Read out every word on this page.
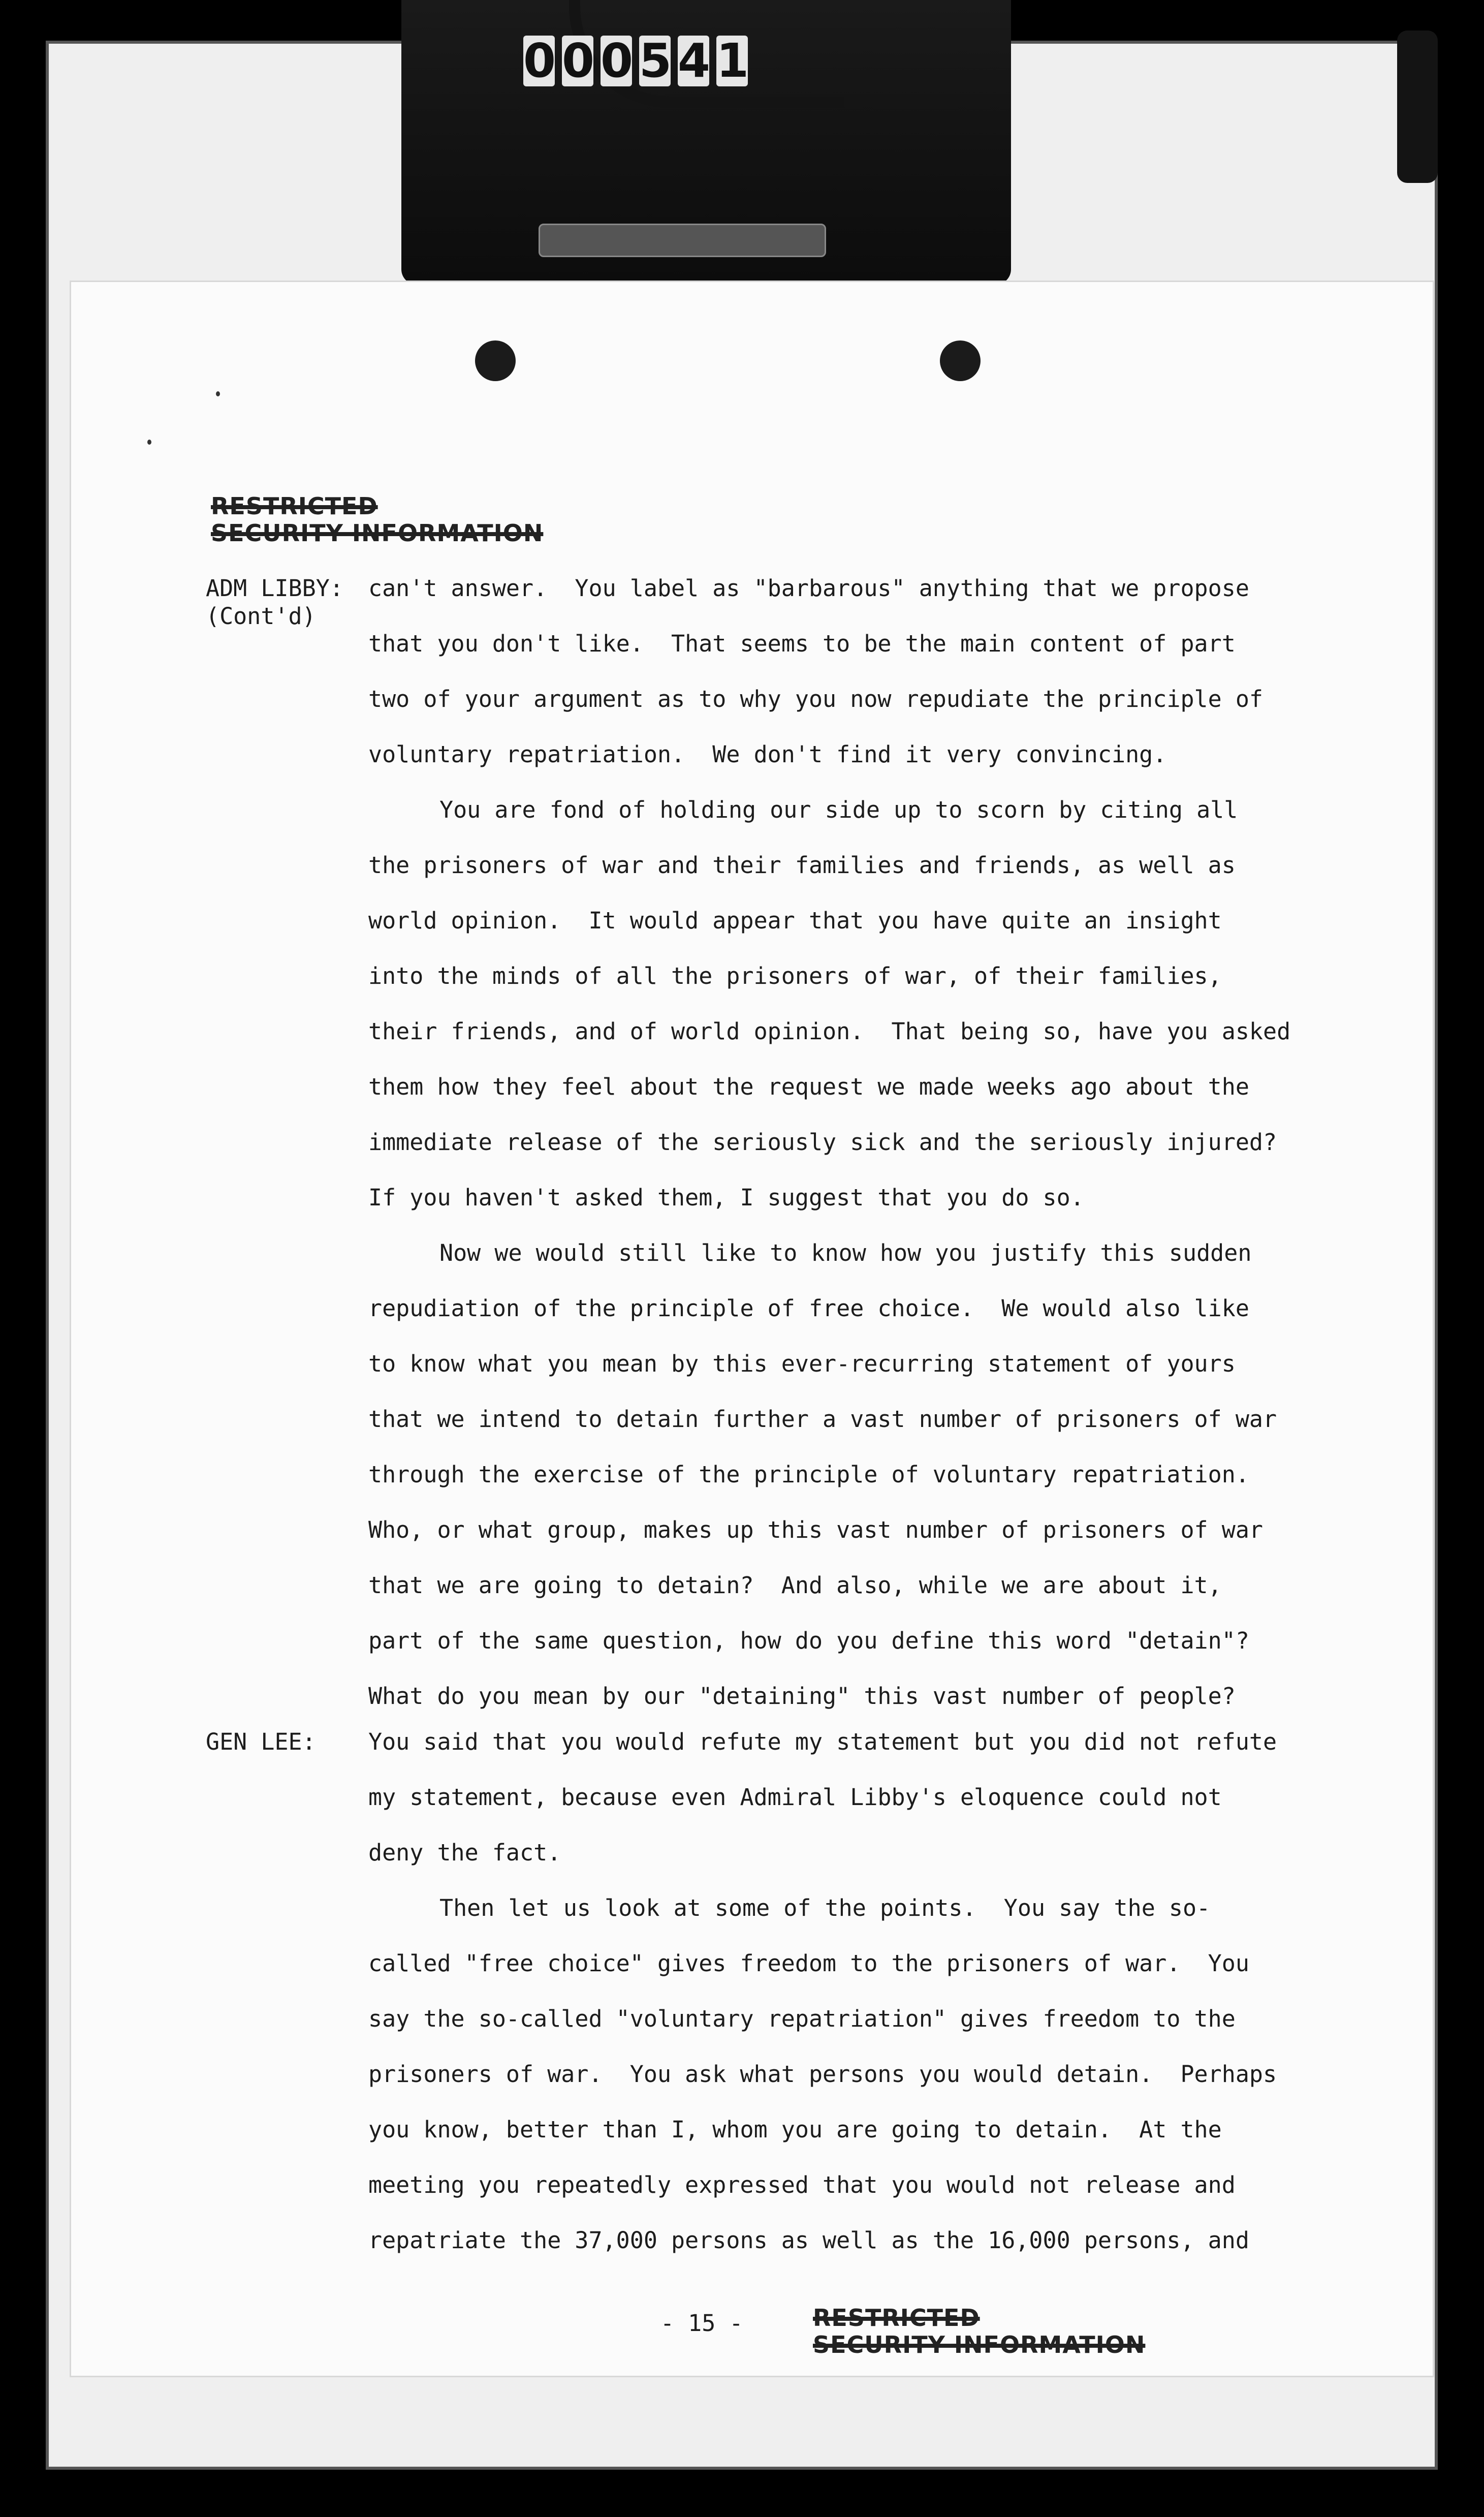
0 0 0 5 4 1
RESTRICTED
SECURITY INFORMATION
ADM LIBBY:
(Cont'd)
GEN LEE:
can't answer.  You label as "barbarous" anything that we propose
that you don't like.  That seems to be the main content of part
two of your argument as to why you now repudiate the principle of
voluntary repatriation.  We don't find it very convincing.
You are fond of holding our side up to scorn by citing all
the prisoners of war and their families and friends, as well as
world opinion.  It would appear that you have quite an insight
into the minds of all the prisoners of war, of their families,
their friends, and of world opinion.  That being so, have you asked
them how they feel about the request we made weeks ago about the
immediate release of the seriously sick and the seriously injured?
If you haven't asked them, I suggest that you do so.
Now we would still like to know how you justify this sudden
repudiation of the principle of free choice.  We would also like
to know what you mean by this ever-recurring statement of yours
that we intend to detain further a vast number of prisoners of war
through the exercise of the principle of voluntary repatriation.
Who, or what group, makes up this vast number of prisoners of war
that we are going to detain?  And also, while we are about it,
part of the same question, how do you define this word "detain"?
What do you mean by our "detaining" this vast number of people?
You said that you would refute my statement but you did not refute
my statement, because even Admiral Libby's eloquence could not
deny the fact.
Then let us look at some of the points.  You say the so-
called "free choice" gives freedom to the prisoners of war.  You
say the so-called "voluntary repatriation" gives freedom to the
prisoners of war.  You ask what persons you would detain.  Perhaps
you know, better than I, whom you are going to detain.  At the
meeting you repeatedly expressed that you would not release and
repatriate the 37,000 persons as well as the 16,000 persons, and
- 15 -	RESTRICTED
SECURITY INFORMATION
